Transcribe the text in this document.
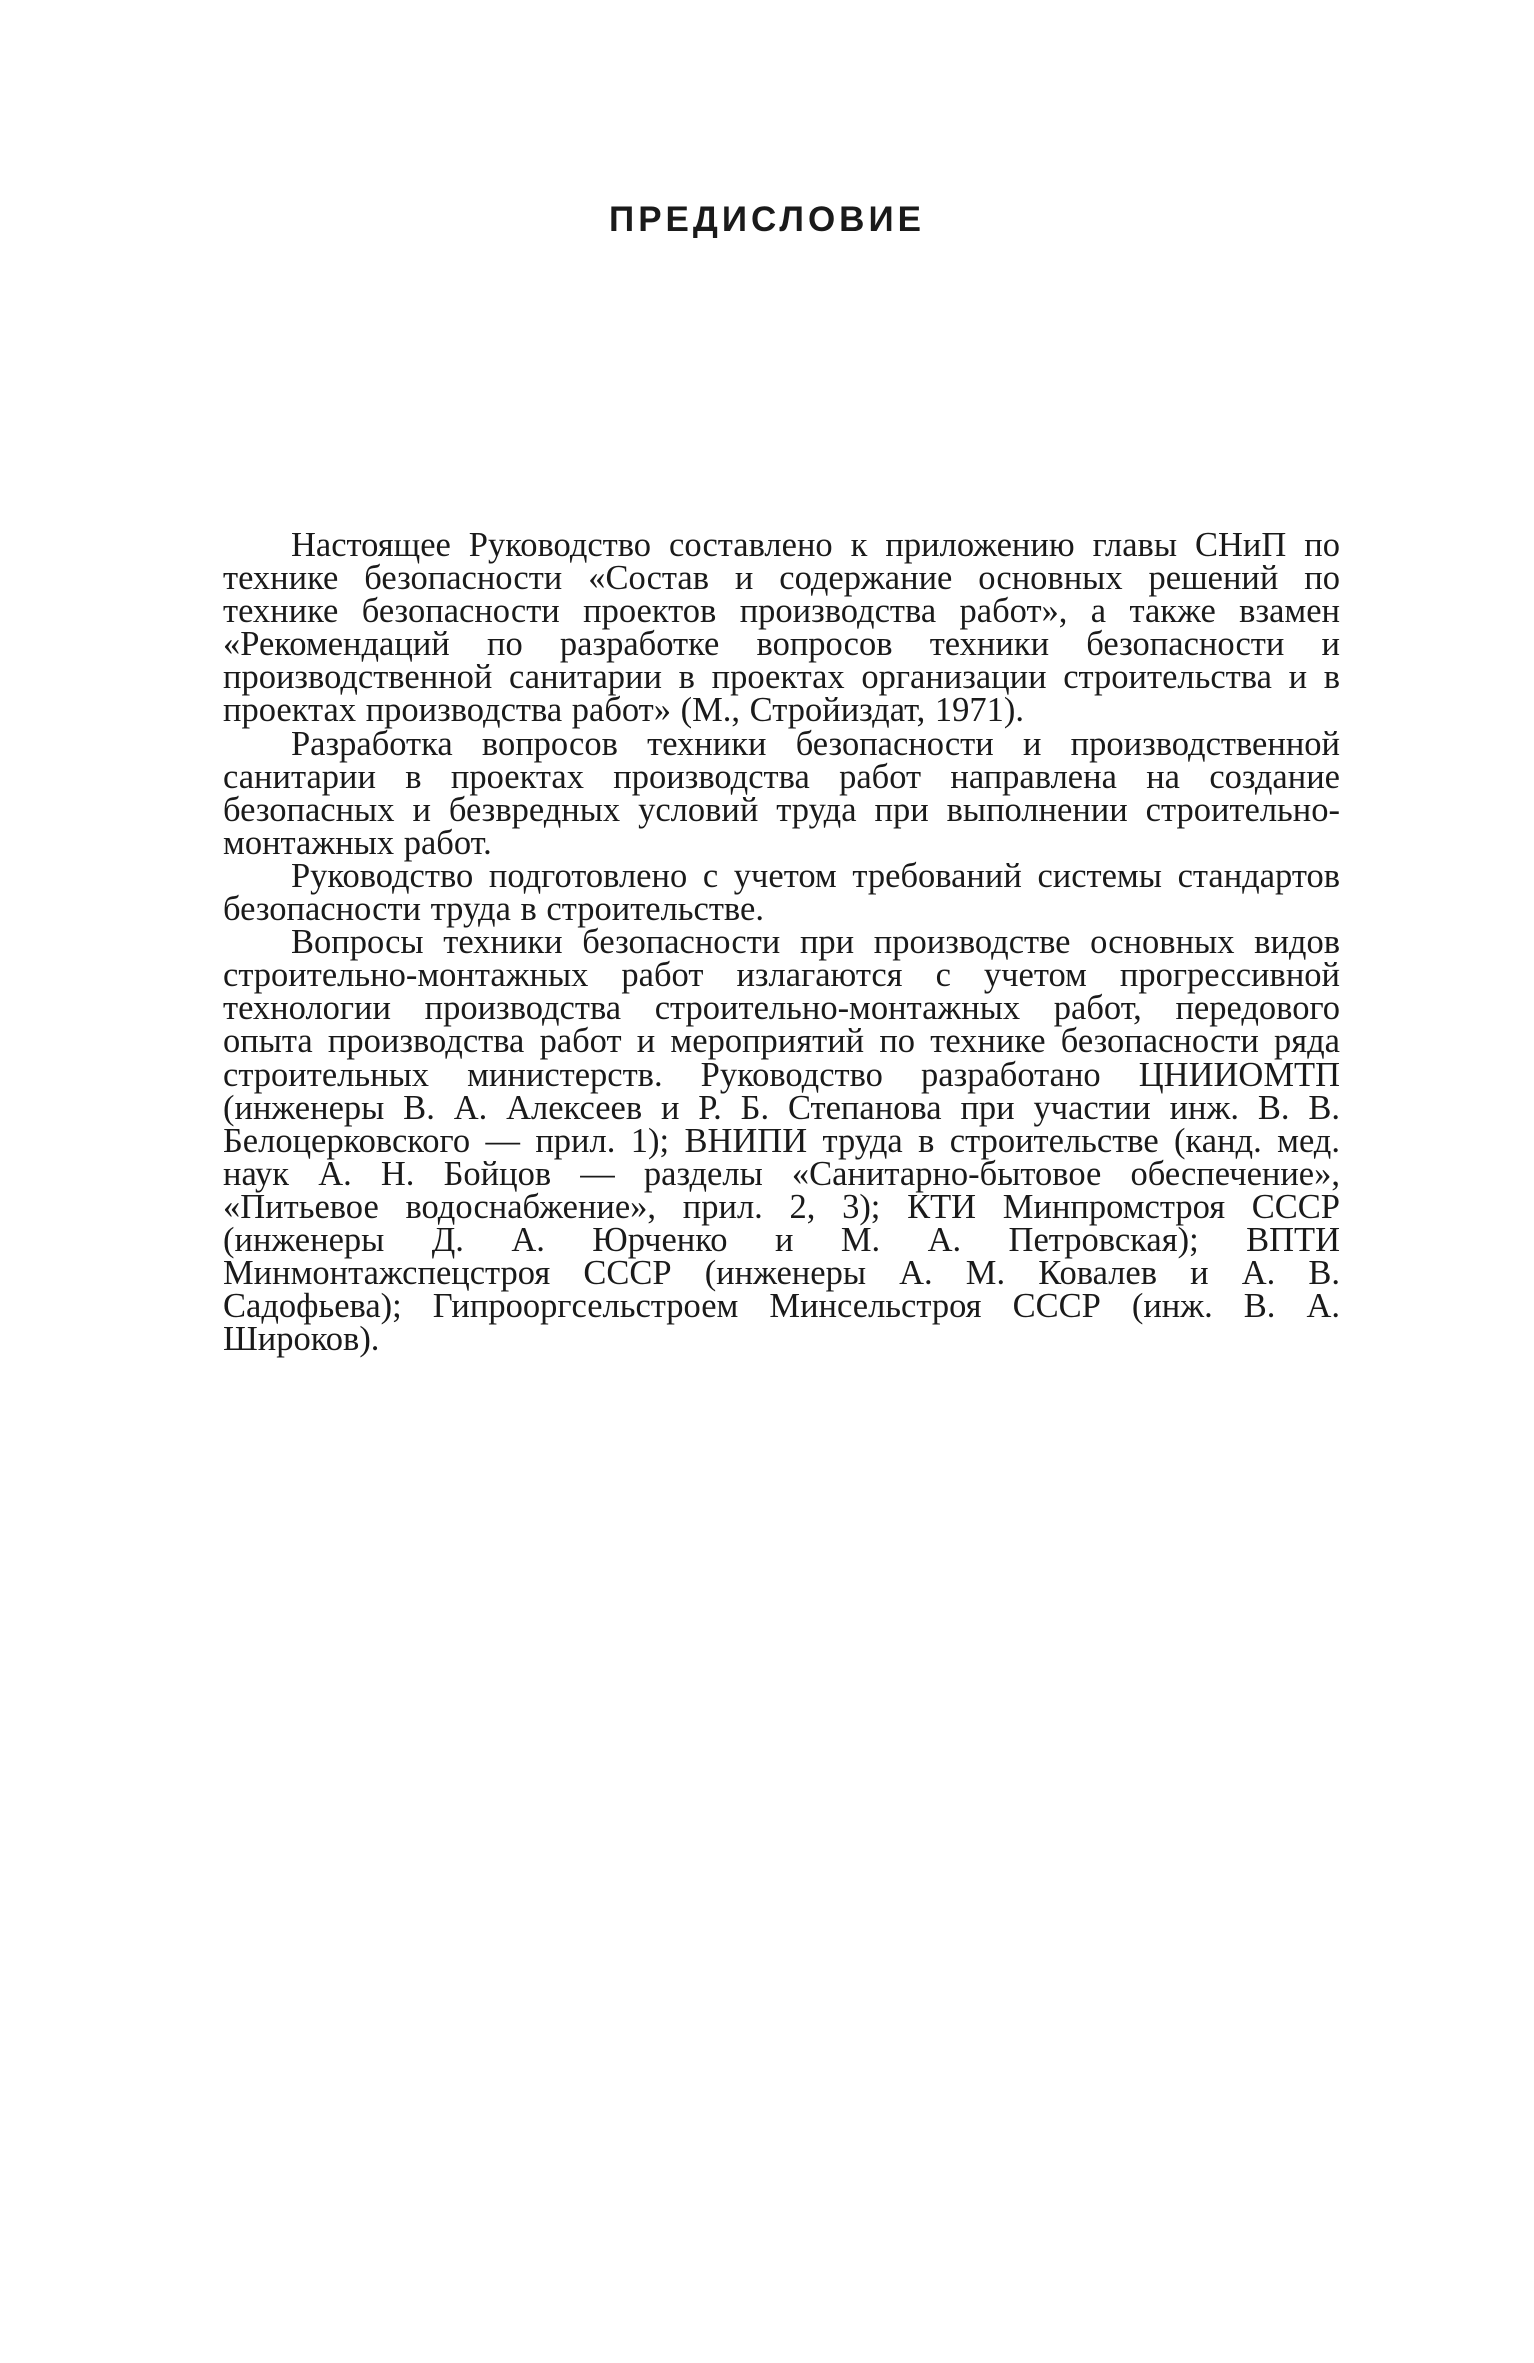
ПРЕДИСЛОВИЕ

Настоящее Руководство составлено к приложению главы СНиП по технике безопасности «Состав и содержание основных решений по технике безопасности проектов производства работ», а также взамен «Рекомендаций по разработке вопросов техники безопасности и производственной санитарии в проектах организации строительства и в проектах производства работ» (М., Стройиздат, 1971).

Разработка вопросов техники безопасности и производственной санитарии в проектах производства работ направлена на создание безопасных и безвредных условий труда при выполнении строительно-монтажных работ.

Руководство подготовлено с учетом требований системы стандартов безопасности труда в строительстве.

Вопросы техники безопасности при производстве основных видов строительно-монтажных работ излагаются с учетом прогрессивной технологии производства строительно-монтажных работ, передового опыта производства работ и мероприятий по технике безопасности ряда строительных министерств. Руководство разработано ЦНИИОМТП (инженеры В. А. Алексеев и Р. Б. Степанова при участии инж. В. В. Белоцерковского — прил. 1); ВНИПИ труда в строительстве (канд. мед. наук А. Н. Бойцов — разделы «Санитарно-бытовое обеспечение», «Питьевое водоснабжение», прил. 2, 3); КТИ Минпромстроя СССР (инженеры Д. А. Юрченко и М. А. Петровская); ВПТИ Минмонтажспецстроя СССР (инженеры А. М. Ковалев и А. В. Садофьева); Гипрооргсельстроем Минсельстроя СССР (инж. В. А. Широков).
